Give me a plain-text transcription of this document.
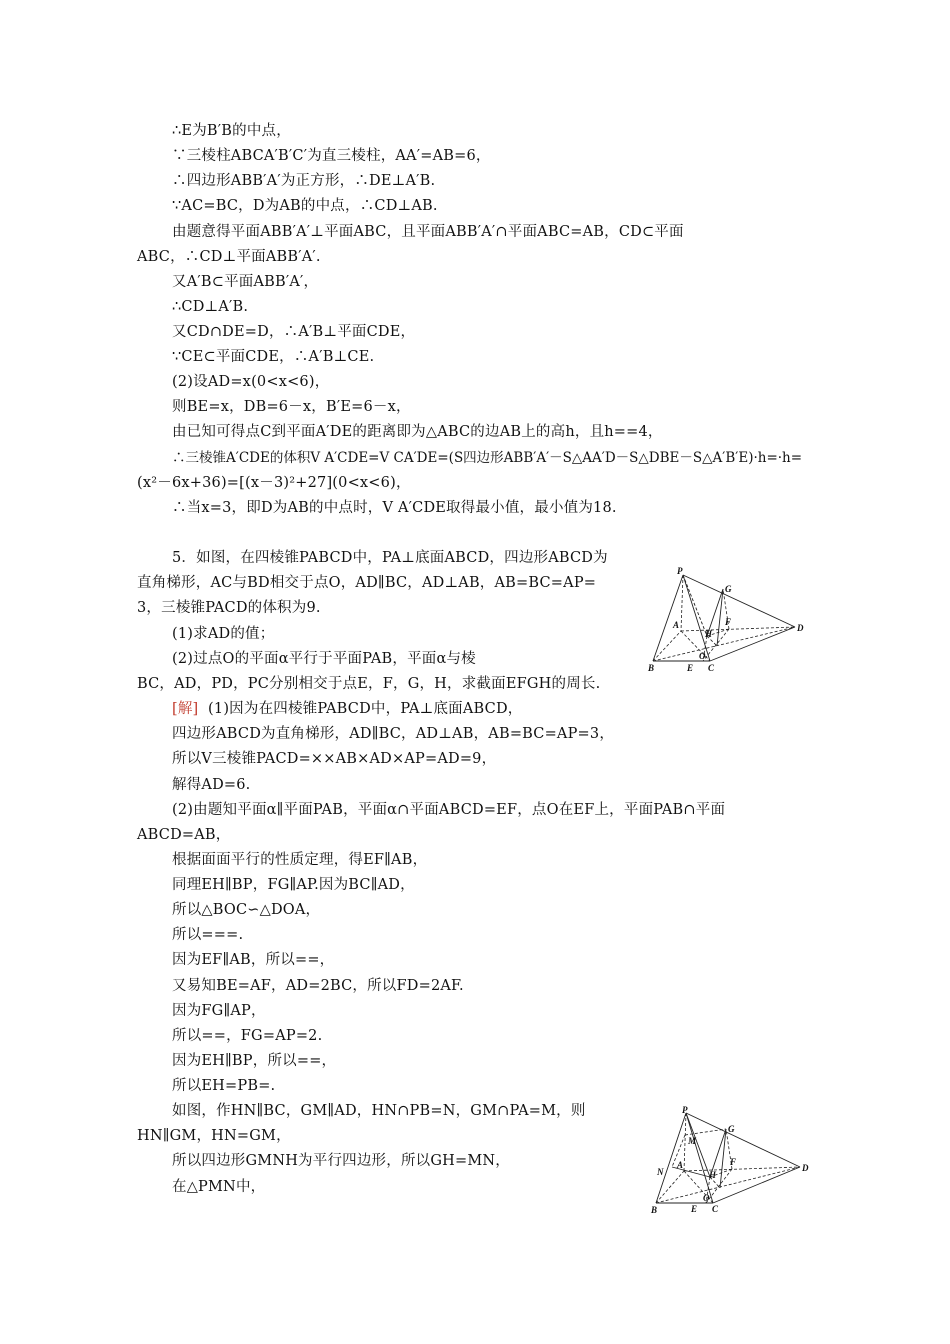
∴E为B′B的中点，
∵三棱柱ABCA′B′C′为直三棱柱，AA′=AB=6，
∴四边形ABB′A′为正方形，∴DE⊥A′B.
∵AC=BC，D为AB的中点，∴CD⊥AB.
由题意得平面ABB′A′⊥平面ABC，且平面ABB′A′∩平面ABC=AB，CD⊂平面
ABC，∴CD⊥平面ABB′A′.
又A′B⊂平面ABB′A′，
∴CD⊥A′B.
又CD∩DE=D，∴A′B⊥平面CDE，
∵CE⊂平面CDE，∴A′B⊥CE.
(2)设AD=x(0<x<6)，
则BE=x，DB=6－x，B′E=6－x，
由已知可得点C到平面A′DE的距离即为△ABC的边AB上的高h，且h==4，
∴三棱锥A′CDE的体积V A′CDE=V CA′DE=(S四边形ABB′A′－S△AA′D－S△DBE－S△A′B′E)·h=·h=
(x²－6x+36)=[(x－3)²+27](0<x<6)，
∴当x=3，即D为AB的中点时，V A′CDE取得最小值，最小值为18.
5．如图，在四棱锥PABCD中，PA⊥底面ABCD，四边形ABCD为
直角梯形，AC与BD相交于点O，AD∥BC，AD⊥AB，AB=BC=AP=
3，三棱锥PACD的体积为9.
(1)求AD的值；
(2)过点O的平面α平行于平面PAB，平面α与棱
BC，AD，PD，PC分别相交于点E，F，G，H，求截面EFGH的周长.
[解] (1)因为在四棱锥PABCD中，PA⊥底面ABCD，
四边形ABCD为直角梯形，AD∥BC，AD⊥AB，AB=BC=AP=3，
所以V三棱锥PACD=××AB×AD×AP=AD=9，
解得AD=6.
(2)由题知平面α∥平面PAB，平面α∩平面ABCD=EF，点O在EF上，平面PAB∩平面
ABCD=AB，
根据面面平行的性质定理，得EF∥AB，
同理EH∥BP，FG∥AP.因为BC∥AD，
所以△BOC∽△DOA，
所以===.
因为EF∥AB，所以==，
又易知BE=AF，AD=2BC，所以FD=2AF.
因为FG∥AP，
所以==，FG=AP=2.
因为EH∥BP，所以==，
所以EH=PB=.
如图，作HN∥BC，GM∥AD，HN∩PB=N，GM∩PA=M，则
HN∥GM，HN=GM，
所以四边形GMNH为平行四边形，所以GH=MN，
在△PMN中，
P
G
A	F
H
D
O
B	E C
P
G
M
N
A	F
H
D
O
B	E C
